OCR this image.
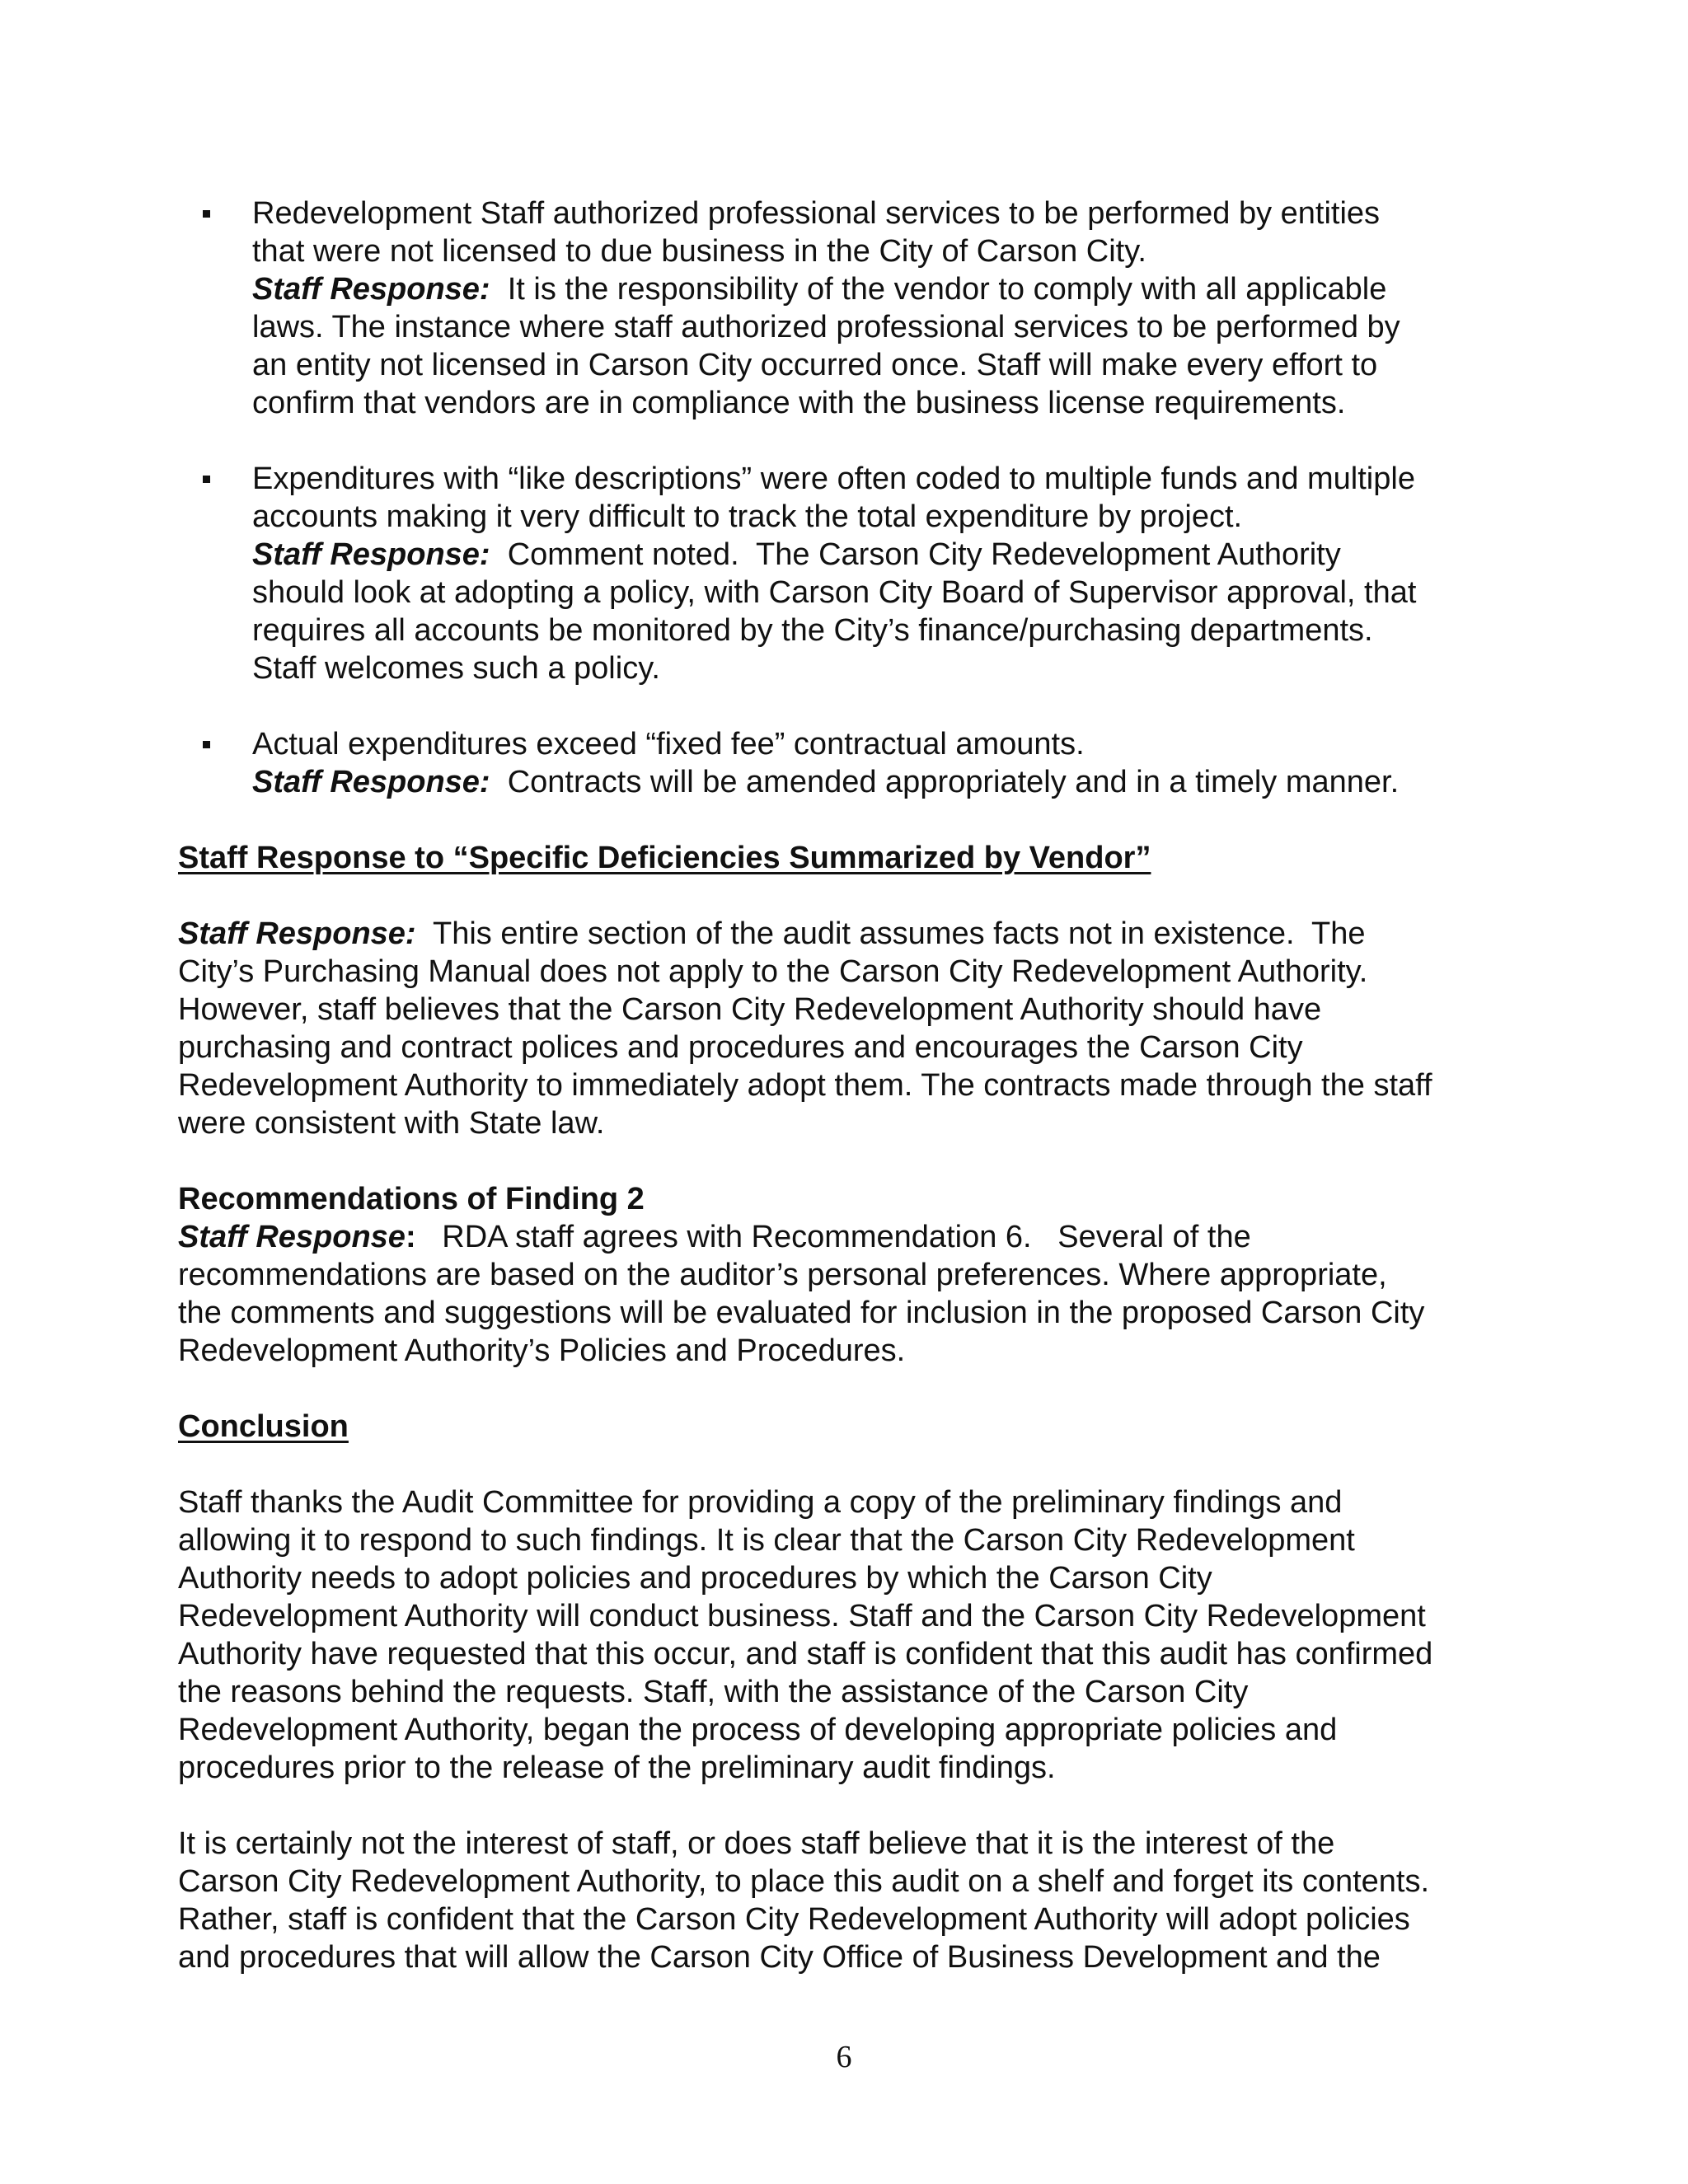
Redevelopment Staff authorized professional services to be performed by entities
that were not licensed to due business in the City of Carson City.
Staff Response:  It is the responsibility of the vendor to comply with all applicable
laws. The instance where staff authorized professional services to be performed by
an entity not licensed in Carson City occurred once. Staff will make every effort to
confirm that vendors are in compliance with the business license requirements.
Expenditures with “like descriptions” were often coded to multiple funds and multiple
accounts making it very difficult to track the total expenditure by project.
Staff Response:  Comment noted.  The Carson City Redevelopment Authority
should look at adopting a policy, with Carson City Board of Supervisor approval, that
requires all accounts be monitored by the City’s finance/purchasing departments.
Staff welcomes such a policy.
Actual expenditures exceed “fixed fee” contractual amounts.
Staff Response:  Contracts will be amended appropriately and in a timely manner.

Staff Response to “Specific Deficiencies Summarized by Vendor”

Staff Response:  This entire section of the audit assumes facts not in existence.  The
City’s Purchasing Manual does not apply to the Carson City Redevelopment Authority.
However, staff believes that the Carson City Redevelopment Authority should have
purchasing and contract polices and procedures and encourages the Carson City
Redevelopment Authority to immediately adopt them. The contracts made through the staff
were consistent with State law.
Recommendations of Finding 2
Staff Response:   RDA staff agrees with Recommendation 6.   Several of the
recommendations are based on the auditor’s personal preferences. Where appropriate,
the comments and suggestions will be evaluated for inclusion in the proposed Carson City
Redevelopment Authority’s Policies and Procedures.

Conclusion

Staff thanks the Audit Committee for providing a copy of the preliminary findings and
allowing it to respond to such findings. It is clear that the Carson City Redevelopment
Authority needs to adopt policies and procedures by which the Carson City
Redevelopment Authority will conduct business. Staff and the Carson City Redevelopment
Authority have requested that this occur, and staff is confident that this audit has confirmed
the reasons behind the requests. Staff, with the assistance of the Carson City
Redevelopment Authority, began the process of developing appropriate policies and
procedures prior to the release of the preliminary audit findings.
It is certainly not the interest of staff, or does staff believe that it is the interest of the
Carson City Redevelopment Authority, to place this audit on a shelf and forget its contents.
Rather, staff is confident that the Carson City Redevelopment Authority will adopt policies
and procedures that will allow the Carson City Office of Business Development and the
6
